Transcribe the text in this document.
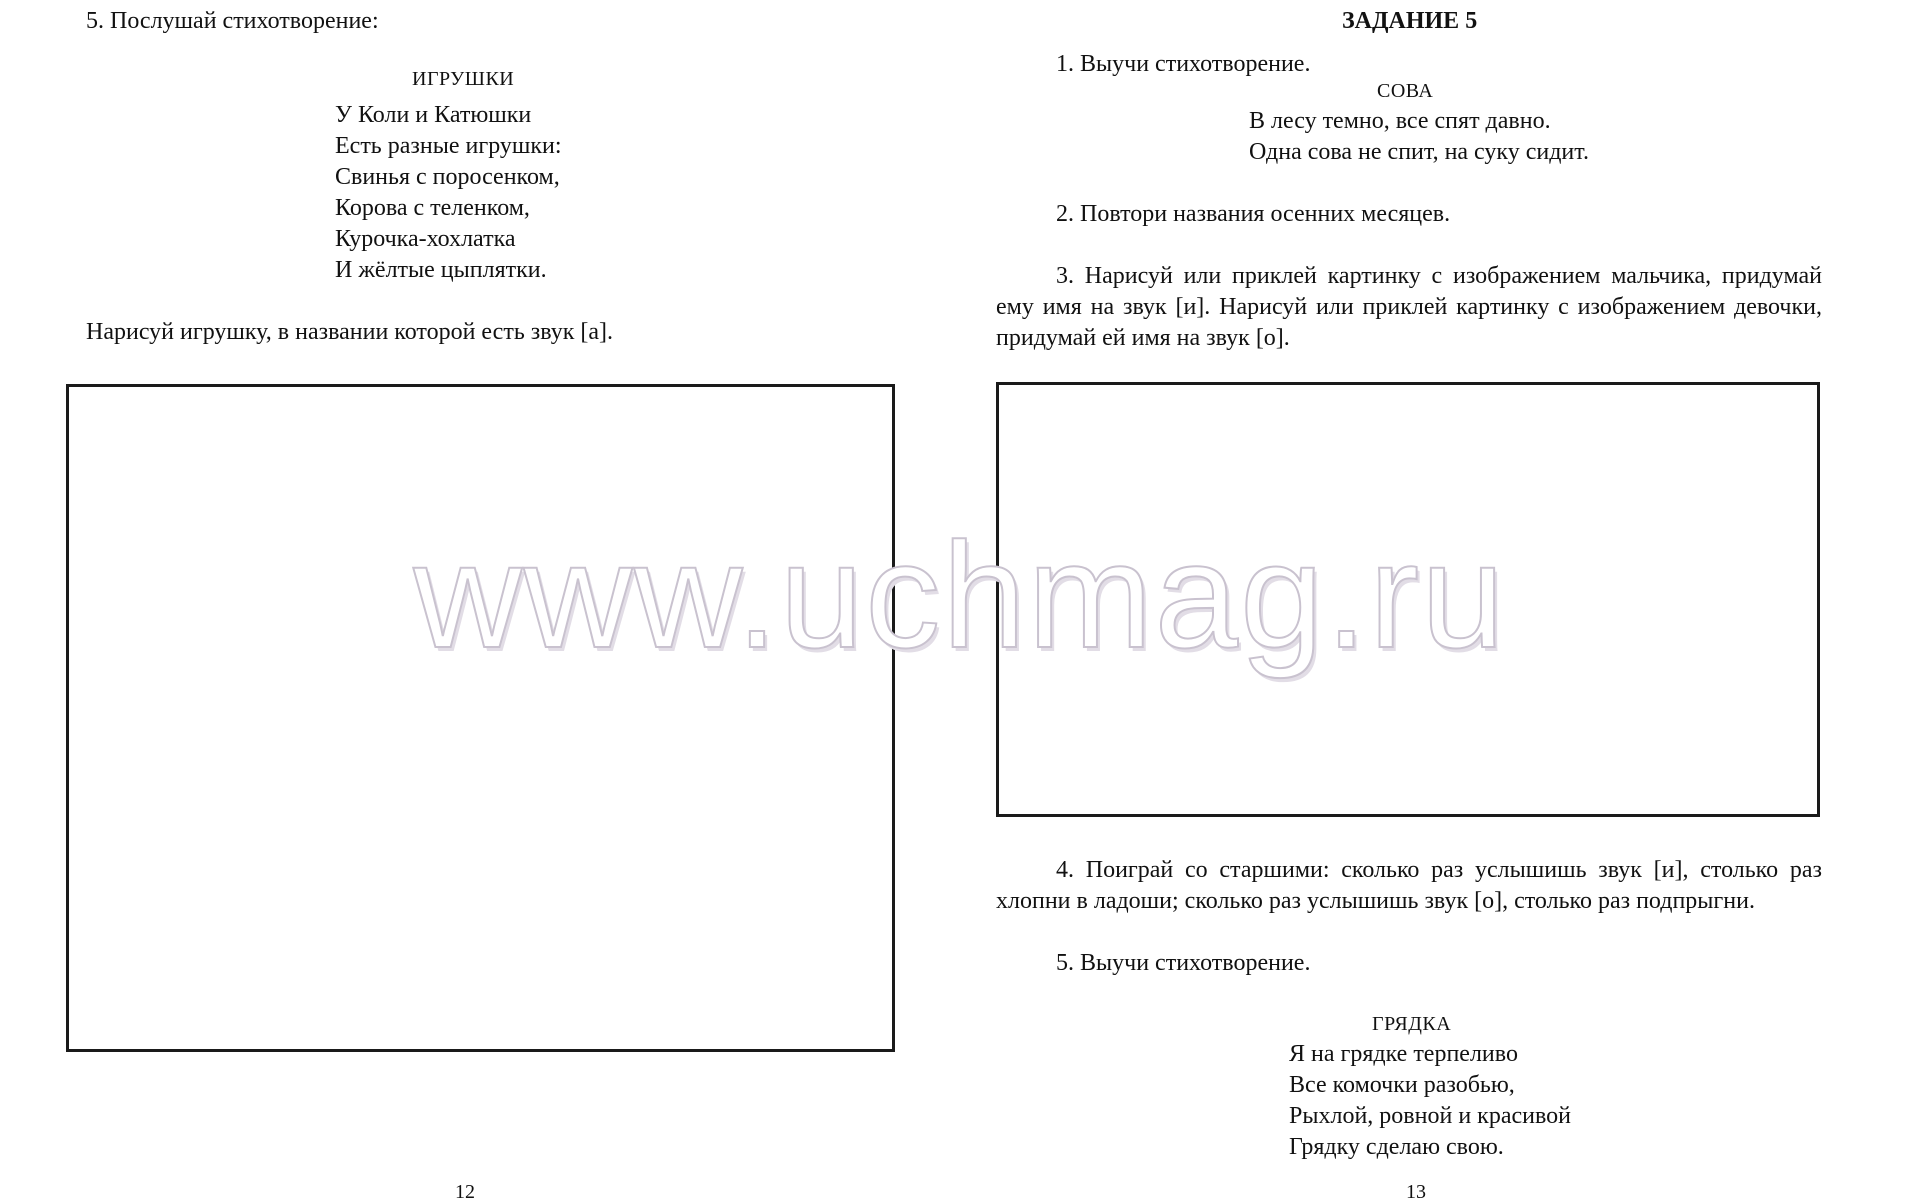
5. Послушай стихотворение:
ИГРУШКИ
У Коли и Катюшки
Есть разные игрушки:
Свинья с поросенком,
Корова с теленком,
Курочка-хохлатка
И жёлтые цыплятки.
Нарисуй игрушку, в названии которой есть звук [а].
12
ЗАДАНИЕ 5
1. Выучи стихотворение.
СОВА
В лесу темно, все спят давно.
Одна сова не спит, на суку сидит.
2. Повтори названия осенних месяцев.
3. Нарисуй или приклей картинку с изображением мальчика, придумай ему имя на звук [и]. Нарисуй или приклей картинку с изображением девочки, придумай ей имя на звук [о].
4. Поиграй со старшими: сколько раз услышишь звук [и], столько раз хлопни в ладоши; сколько раз услышишь звук [о], столько раз подпрыгни.
5. Выучи стихотворение.
ГРЯДКА
Я на грядке терпеливо
Все комочки разобью,
Рыхлой, ровной и красивой
Грядку сделаю свою.
13
www.uchmag.ru
